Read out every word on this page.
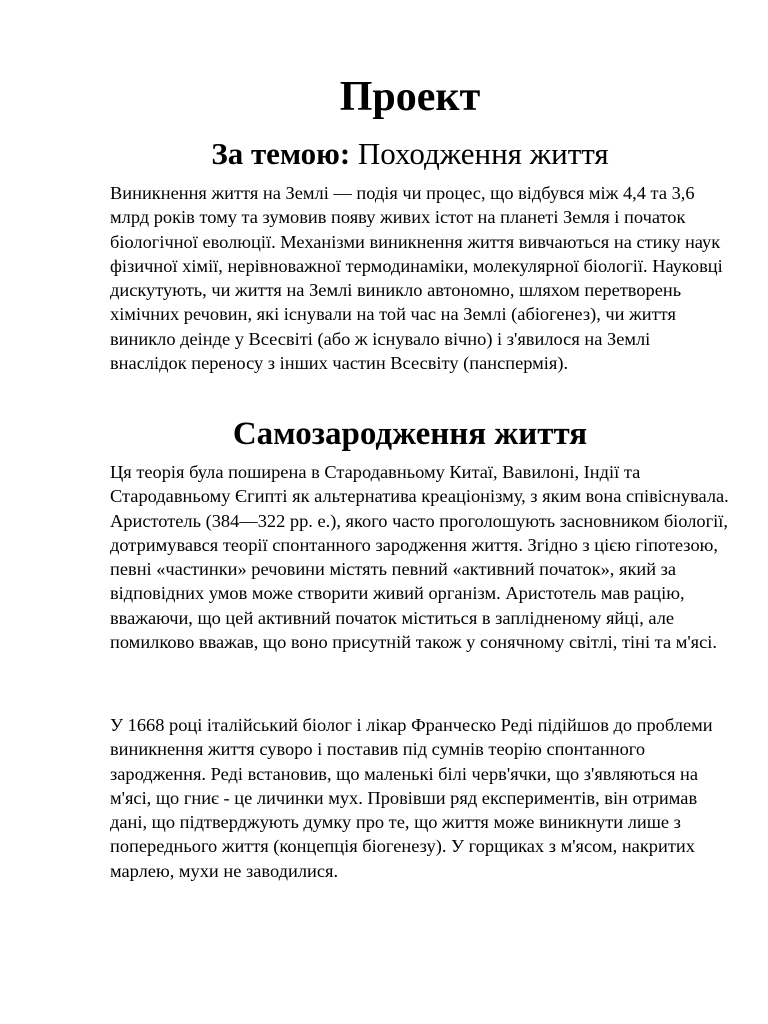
Проект
За темою: Походження життя

Виникнення життя на Землі — подія чи процес, що відбувся між 4,4 та 3,6 млрд років тому та зумовив появу живих істот на планеті Земля і початок біологічної еволюції. Механізми виникнення життя вивчаються на стику наук фізичної хімії, нерівноважної термодинаміки, молекулярної біології. Науковці дискутують, чи життя на Землі виникло автономно, шляхом перетворень хімічних речовин, які існували на той час на Землі (абіогенез), чи життя виникло деінде у Всесвіті (або ж існувало вічно) і з'явилося на Землі внаслідок переносу з інших частин Всесвіту (панспермія).

Самозародження життя

Ця теорія була поширена в Стародавньому Китаї, Вавилоні, Індії та Стародавньому Єгипті як альтернатива креаціонізму, з яким вона співіснувала. Аристотель (384—322 рр. е.), якого часто проголошують засновником біології, дотримувався теорії спонтанного зародження життя. Згідно з цією гіпотезою, певні «частинки» речовини містять певний «активний початок», який за відповідних умов може створити живий організм. Аристотель мав рацію, вважаючи, що цей активний початок міститься в заплідненому яйці, але помилково вважав, що воно присутній також у сонячному світлі, тіні та м'ясі.

У 1668 році італійський біолог і лікар Франческо Реді підійшов до проблеми виникнення життя суворо і поставив під сумнів теорію спонтанного зародження. Реді встановив, що маленькі білі черв'ячки, що з'являються на м'ясі, що гниє - це личинки мух. Провівши ряд експериментів, він отримав дані, що підтверджують думку про те, що життя може виникнути лише з попереднього життя (концепція біогенезу). У горщиках з м'ясом, накритих марлею, мухи не заводилися.
